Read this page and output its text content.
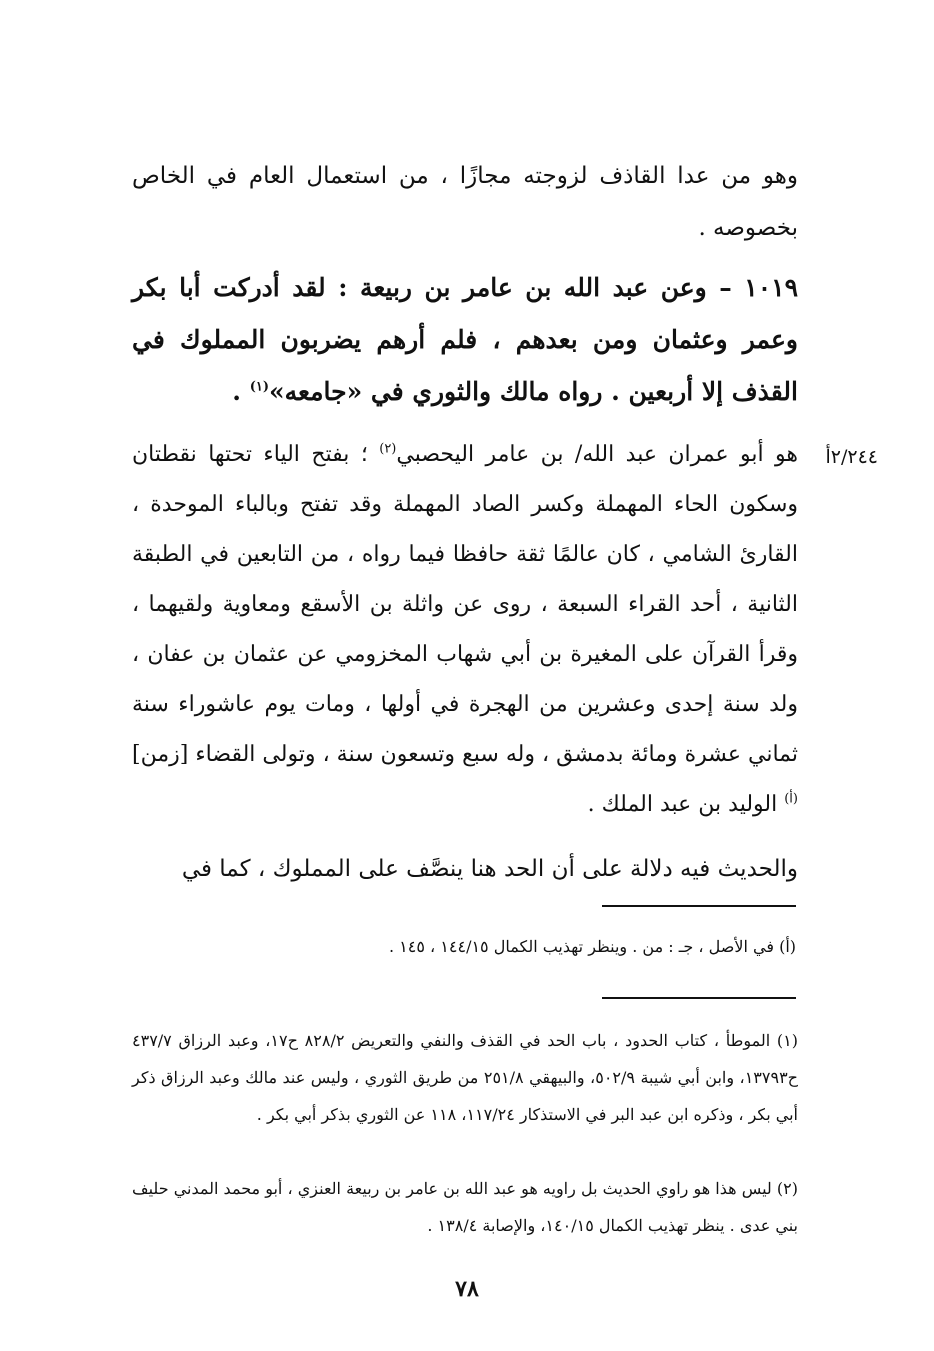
وهو من عدا القاذف لزوجته مجازًا ، من استعمال العام في الخاص بخصوصه .

١٠١٩ – وعن عبد الله بن عامر بن ربيعة : لقد أدركت أبا بكر وعمر وعثمان ومن بعدهم ، فلم أرهم يضربون المملوك في القذف إلا أربعين . رواه مالك والثوري في «جامعه»$^{(١)}$ .

٢/٢٤٤أ

هو أبو عمران عبد الله/ بن عامر اليحصبي$^{(٢)}$ ؛ بفتح الياء تحتها نقطتان وسكون الحاء المهملة وكسر الصاد المهملة وقد تفتح وبالباء الموحدة ، القارئ الشامي ، كان عالمًا ثقة حافظا فيما رواه ، من التابعين في الطبقة الثانية ، أحد القراء السبعة ، روى عن واثلة بن الأسقع ومعاوية ولقيهما ، وقرأ القرآن على المغيرة بن أبي شهاب المخزومي عن عثمان بن عفان ، ولد سنة إحدى وعشرين من الهجرة في أولها ، ومات يوم عاشوراء سنة ثماني عشرة ومائة بدمشق ، وله سبع وتسعون سنة ، وتولى القضاء [زمن]$^{(أ)}$ الوليد بن عبد الملك .

والحديث فيه دلالة على أن الحد هنا ينصَّف على المملوك ، كما في

(أ) في الأصل ، جـ : من . وينظر تهذيب الكمال ١٤٤/١٥ ، ١٤٥ .

(١) الموطأ ، كتاب الحدود ، باب الحد في القذف والنفي والتعريض ٨٢٨/٢ ح١٧، وعبد الرزاق ٤٣٧/٧ ح١٣٧٩٣، وابن أبي شيبة ٥٠٢/٩، والبيهقي ٢٥١/٨ من طريق الثوري ، وليس عند مالك وعبد الرزاق ذكر أبي بكر ، وذكره ابن عبد البر في الاستذكار ١١٧/٢٤، ١١٨ عن الثوري بذكر أبي بكر .

(٢) ليس هذا هو راوي الحديث بل راويه هو عبد الله بن عامر بن ربيعة العنزي ، أبو محمد المدني حليف بني عدى . ينظر تهذيب الكمال ١٤٠/١٥، والإصابة ١٣٨/٤ .

٧٨
